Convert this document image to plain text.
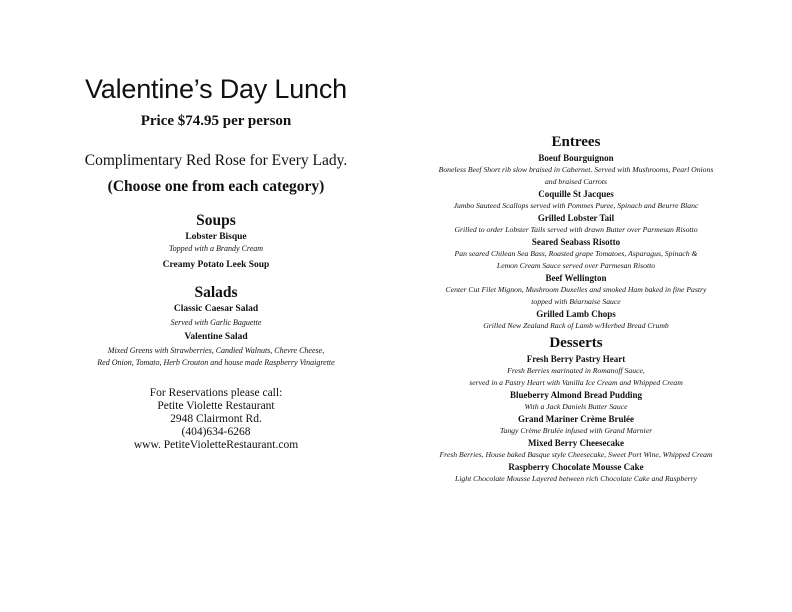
Valentine’s Day Lunch
Price $74.95 per person
Complimentary Red Rose for Every Lady.
(Choose one from each category)
Soups
Lobster Bisque
Topped with a Brandy Cream
Creamy Potato Leek Soup
Salads
Classic Caesar Salad
Served with Garlic Baguette
Valentine Salad
Mixed Greens with Strawberries, Candied Walnuts, Chevre Cheese,
Red Onion, Tomato, Herb Crouton and house made Raspberry Vinaigrette
For Reservations please call:
Petite Violette Restaurant
2948 Clairmont Rd.
(404)634-6268
www. PetiteVioletteRestaurant.com
Entrees
Boeuf Bourguignon
Boneless Beef Short rib slow braised in Cabernet. Served with Mushrooms, Pearl Onions
and braised Carrots
Coquille St Jacques
Jumbo Sauteed Scallops served with Pommes Puree, Spinach and Beurre Blanc
Grilled Lobster Tail
Grilled to order Lobster Tails served with drawn Butter over Parmesan Risotto
Seared Seabass Risotto
Pan seared Chilean Sea Bass, Roasted grape Tomatoes, Asparagus, Spinach &
Lemon Cream Sauce served over Parmesan Risotto
Beef Wellington
Center Cut Filet Mignon, Mushroom Duxelles and smoked Ham baked in fine Pastry
topped with Béarnaise Sauce
Grilled Lamb Chops
Grilled New Zealand Rack of Lamb w/Herbed Bread Crumb
Desserts
Fresh Berry Pastry Heart
Fresh Berries marinated in Romanoff Sauce,
served in a Pastry Heart with Vanilla Ice Cream and Whipped Cream
Blueberry Almond Bread Pudding
With a Jack Daniels Butter Sauce
Grand Mariner Crème Brulée
Tangy Crème Brulée infused with Grand Marnier
Mixed Berry Cheesecake
Fresh Berries, House baked Basque style Cheesecake, Sweet Port Wine, Whipped Cream
Raspberry Chocolate Mousse Cake
Light Chocolate Mousse Layered between rich Chocolate Cake and Raspberry
